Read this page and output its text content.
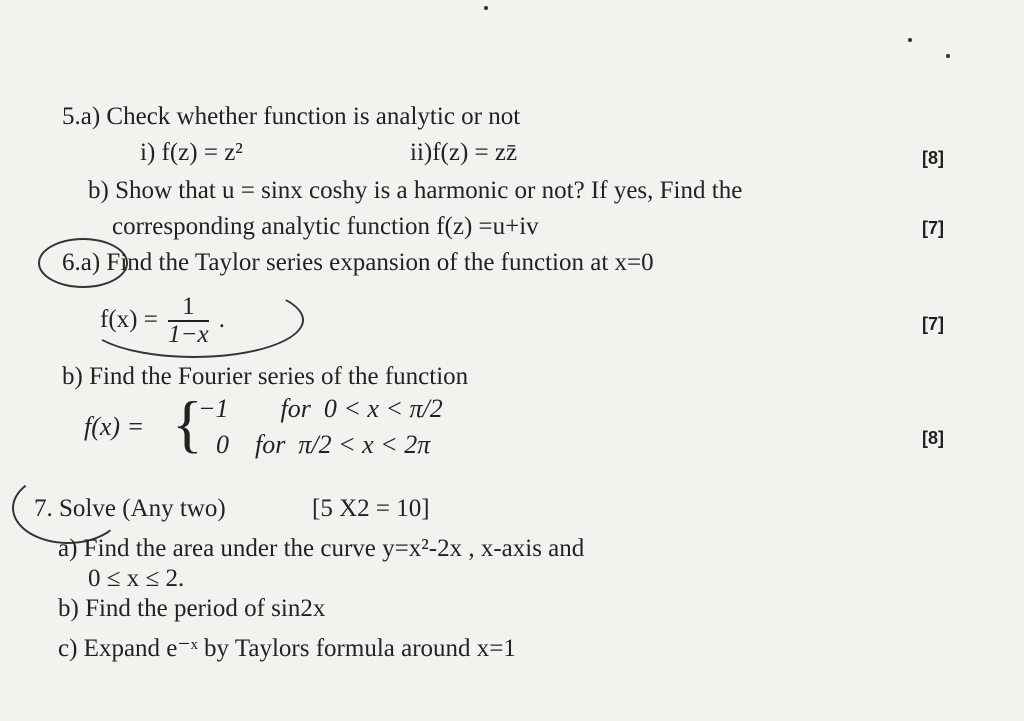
5.a) Check whether function is analytic or not
i) f(z) = z²	ii)f(z) = zz̄	[8]
b) Show that u = sinx coshy is a harmonic or not? If yes, Find the
corresponding analytic function f(z) =u+iv	[7]
6.a) Find the Taylor series expansion of the function at x=0
$f(x) = \frac{1}{1-x}$ .	[7]
b) Find the Fourier series of the function
f(x) = {
−1        for  0 < x < π/2
0    for  π/2 < x < 2π	[8]
7. Solve (Any two)	[5 X2 = 10]
a) Find the area under the curve y=x²-2x , x-axis and
0 ≤ x ≤ 2.
b) Find the period of sin2x
c) Expand e⁻ˣ by Taylors formula around x=1
